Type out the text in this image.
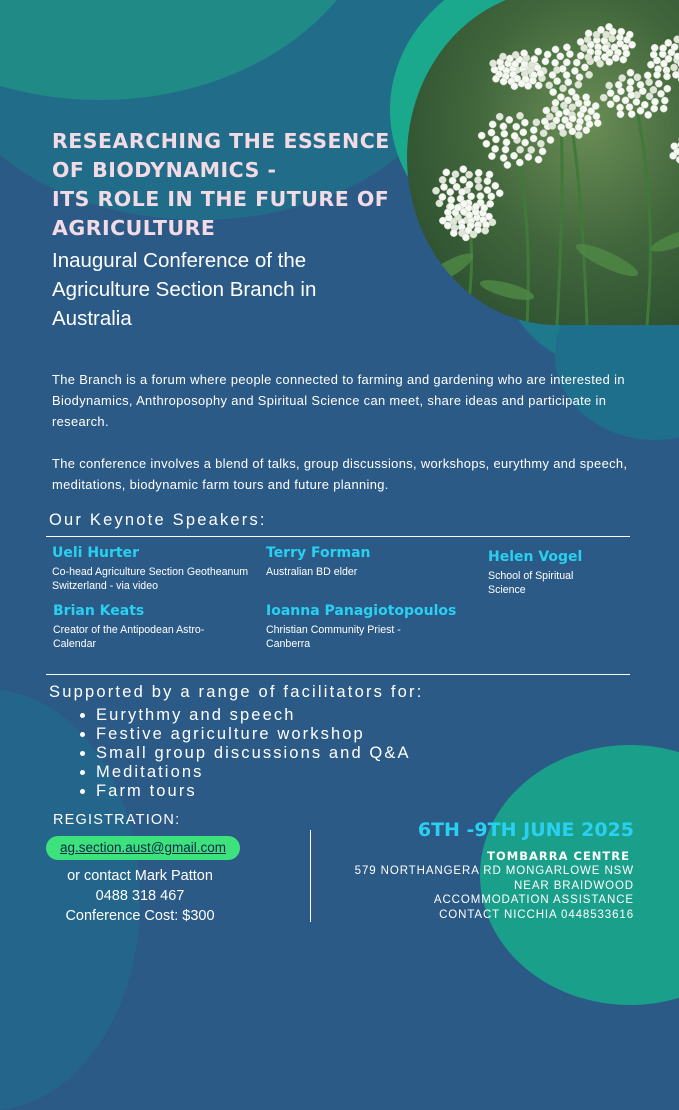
RESEARCHING THE ESSENCE
OF BIODYNAMICS -
ITS ROLE IN THE FUTURE OF
AGRICULTURE

Inaugural Conference of the Agriculture Section Branch in Australia

The Branch is a forum where people connected to farming and gardening who are interested in Biodynamics, Anthroposophy and Spiritual Science can meet, share ideas and participate in research.

The conference involves a blend of talks, group discussions, workshops, eurythmy and speech, meditations, biodynamic farm tours and future planning.

Our Keynote Speakers:
Ueli Hurter
Co-head Agriculture Section Geotheanum Switzerland - via video
Terry Forman
Australian BD elder
Helen Vogel
School of Spiritual Science
Brian Keats
Creator of the Antipodean Astro-Calendar
Ioanna Panagiotopoulos
Christian Community Priest - Canberra
Supported by a range of facilitators for:
• Eurythmy and speech
• Festive agriculture workshop
• Small group discussions and Q&A
• Meditations
• Farm tours
REGISTRATION:
ag.section.aust@gmail.com
or contact Mark Patton
0488 318 467
Conference Cost: $300
6TH -9TH JUNE 2025
TOMBARRA CENTRE
579 NORTHANGERA RD MONGARLOWE NSW
NEAR BRAIDWOOD
ACCOMMODATION ASSISTANCE
CONTACT NICCHIA 0448533616
